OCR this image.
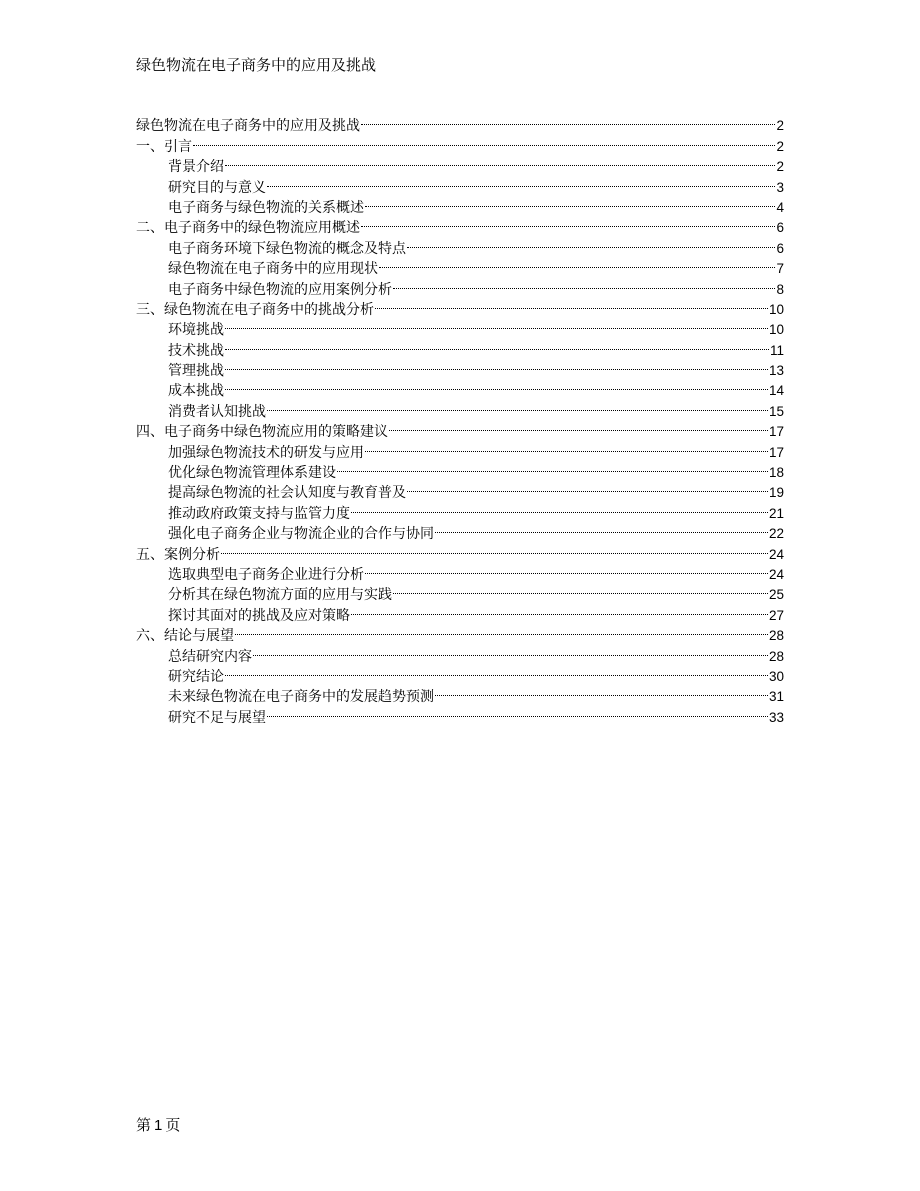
绿色物流在电子商务中的应用及挑战
绿色物流在电子商务中的应用及挑战	2
一、引言	2
背景介绍	2
研究目的与意义	3
电子商务与绿色物流的关系概述	4
二、电子商务中的绿色物流应用概述	6
电子商务环境下绿色物流的概念及特点	6
绿色物流在电子商务中的应用现状	7
电子商务中绿色物流的应用案例分析	8
三、绿色物流在电子商务中的挑战分析	10
环境挑战	10
技术挑战	11
管理挑战	13
成本挑战	14
消费者认知挑战	15
四、电子商务中绿色物流应用的策略建议	17
加强绿色物流技术的研发与应用	17
优化绿色物流管理体系建设	18
提高绿色物流的社会认知度与教育普及	19
推动政府政策支持与监管力度	21
强化电子商务企业与物流企业的合作与协同	22
五、案例分析	24
选取典型电子商务企业进行分析	24
分析其在绿色物流方面的应用与实践	25
探讨其面对的挑战及应对策略	27
六、结论与展望	28
总结研究内容	28
研究结论	30
未来绿色物流在电子商务中的发展趋势预测	31
研究不足与展望	33
第 1 页
